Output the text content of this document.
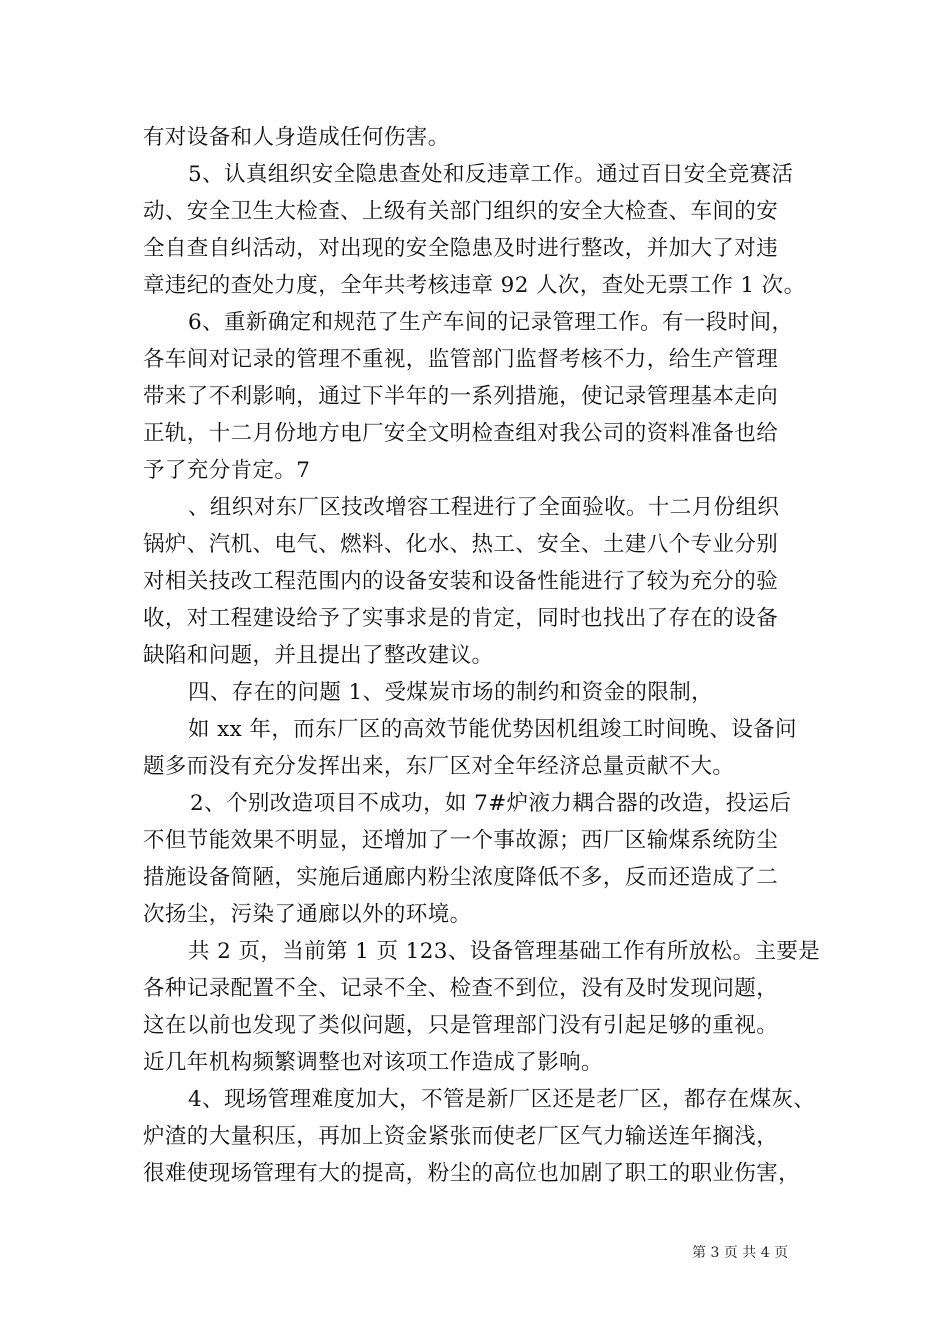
有对设备和人身造成任何伤害。
5、认真组织安全隐患查处和反违章工作。通过百日安全竞赛活
动、安全卫生大检查、上级有关部门组织的安全大检查、车间的安
全自查自纠活动，对出现的安全隐患及时进行整改，并加大了对违
章违纪的查处力度，全年共考核违章 92 人次，查处无票工作 1 次。
6、重新确定和规范了生产车间的记录管理工作。有一段时间，
各车间对记录的管理不重视，监管部门监督考核不力，给生产管理
带来了不利影响，通过下半年的一系列措施，使记录管理基本走向
正轨，十二月份地方电厂安全文明检查组对我公司的资料准备也给
予了充分肯定。7
、组织对东厂区技改增容工程进行了全面验收。十二月份组织
锅炉、汽机、电气、燃料、化水、热工、安全、土建八个专业分别
对相关技改工程范围内的设备安装和设备性能进行了较为充分的验
收，对工程建设给予了实事求是的肯定，同时也找出了存在的设备
缺陷和问题，并且提出了整改建议。
四、存在的问题 1、受煤炭市场的制约和资金的限制，
如 xx 年，而东厂区的高效节能优势因机组竣工时间晚、设备问
题多而没有充分发挥出来，东厂区对全年经济总量贡献不大。
2、个别改造项目不成功，如 7#炉液力耦合器的改造，投运后
不但节能效果不明显，还增加了一个事故源；西厂区输煤系统防尘
措施设备简陋，实施后通廊内粉尘浓度降低不多，反而还造成了二
次扬尘，污染了通廊以外的环境。
共 2 页，当前第 1 页 123、设备管理基础工作有所放松。主要是
各种记录配置不全、记录不全、检查不到位，没有及时发现问题，
这在以前也发现了类似问题，只是管理部门没有引起足够的重视。
近几年机构频繁调整也对该项工作造成了影响。
4、现场管理难度加大，不管是新厂区还是老厂区，都存在煤灰、
炉渣的大量积压，再加上资金紧张而使老厂区气力输送连年搁浅，
很难使现场管理有大的提高，粉尘的高位也加剧了职工的职业伤害，
第 3 页 共 4 页
